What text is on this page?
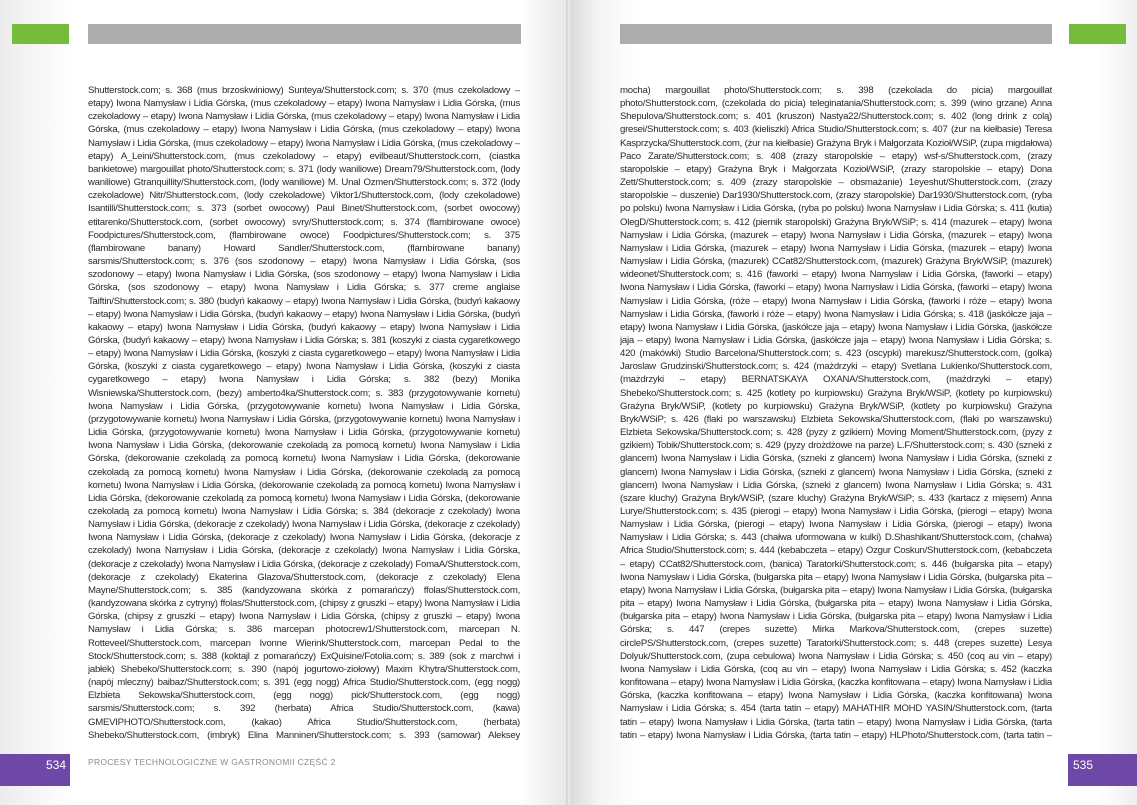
Shutterstock.com; s. 368 (mus brzoskwiniowy) Sunteya/Shutterstock.com; s. 370 (mus czekoladowy – etapy) Iwona Namysław i Lidia Górska, (mus czekoladowy – etapy) Iwona Namysław i Lidia Górska, (mus czekoladowy – etapy) Iwona Namysław i Lidia Górska, (mus czekoladowy – etapy) Iwona Namysław i Lidia Górska, (mus czekoladowy – etapy) Iwona Namysław i Lidia Górska, (mus czekoladowy – etapy) Iwona Namysław i Lidia Górska, (mus czekoladowy – etapy) Iwona Namysław i Lidia Górska, (mus czekoladowy – etapy) A_Leini/Shutterstock.com, (mus czekoladowy – etapy) evilbeaut/Shutterstock.com, (ciastka bankietowe) margouillat photo/Shutterstock.com; s. 371 (lody waniliowe) Dream79/Shutterstock.com, (lody waniliowe) Gtranquillity/Shutterstock.com, (lody waniliowe) M. Unal Ozmen/Shutterstock.com; s. 372 (lody czekoladowe) Nitr/Shutterstock.com, (lody czekoladowe) Viktor1/Shutterstock.com, (lody czekoladowe) Isantilli/Shutterstock.com; s. 373 (sorbet owocowy) Paul Binet/Shutterstock.com, (sorbet owocowy) etitarenko/Shutterstock.com, (sorbet owocowy) svry/Shutterstock.com; s. 374 (flambirowane owoce) Foodpictures/Shutterstock.com, (flambirowane owoce) Foodpictures/Shutterstock.com; s. 375 (flambirowane banany) Howard Sandler/Shutterstock.com, (flambirowane banany) sarsmis/Shutterstock.com; s. 376 (sos szodonowy – etapy) Iwona Namysław i Lidia Górska, (sos szodonowy – etapy) Iwona Namysław i Lidia Górska, (sos szodonowy – etapy) Iwona Namysław i Lidia Górska, (sos szodonowy – etapy) Iwona Namysław i Lidia Górska; s. 377 creme anglaise Taiftin/Shutterstock.com; s. 380 (budyń kakaowy – etapy) Iwona Namysław i Lidia Górska, (budyń kakaowy – etapy) Iwona Namysław i Lidia Górska, (budyń kakaowy – etapy) Iwona Namysław i Lidia Górska, (budyń kakaowy – etapy) Iwona Namysław i Lidia Górska, (budyń kakaowy – etapy) Iwona Namysław i Lidia Górska, (budyń kakaowy – etapy) Iwona Namysław i Lidia Górska; s. 381 (koszyki z ciasta cygaretkowego – etapy) Iwona Namysław i Lidia Górska, (koszyki z ciasta cygaretkowego – etapy) Iwona Namysław i Lidia Górska, (koszyki z ciasta cygaretkowego – etapy) Iwona Namysław i Lidia Górska, (koszyki z ciasta cygaretkowego – etapy) Iwona Namysław i Lidia Górska; s. 382 (bezy) Monika Wisniewska/Shutterstock.com, (bezy) amberto4ka/Shutterstock.com; s. 383 (przygotowywanie kornetu) Iwona Namysław i Lidia Górska, (przygotowywanie kornetu) Iwona Namysław i Lidia Górska, (przygotowywanie kornetu) Iwona Namysław i Lidia Górska, (przygotowywanie kornetu) Iwona Namysław i Lidia Górska, (przygotowywanie kornetu) Iwona Namysław i Lidia Górska, (przygotowywanie kornetu) Iwona Namysław i Lidia Górska, (dekorowanie czekoladą za pomocą kornetu) Iwona Namysław i Lidia Górska, (dekorowanie czekoladą za pomocą kornetu) Iwona Namysław i Lidia Górska, (dekorowanie czekoladą za pomocą kornetu) Iwona Namysław i Lidia Górska, (dekorowanie czekoladą za pomocą kornetu) Iwona Namysław i Lidia Górska, (dekorowanie czekoladą za pomocą kornetu) Iwona Namysław i Lidia Górska, (dekorowanie czekoladą za pomocą kornetu) Iwona Namysław i Lidia Górska, (dekorowanie czekoladą za pomocą kornetu) Iwona Namysław i Lidia Górska; s. 384 (dekoracje z czekolady) Iwona Namysław i Lidia Górska, (dekoracje z czekolady) Iwona Namysław i Lidia Górska, (dekoracje z czekolady) Iwona Namysław i Lidia Górska, (dekoracje z czekolady) Iwona Namysław i Lidia Górska, (dekoracje z czekolady) Iwona Namysław i Lidia Górska, (dekoracje z czekolady) Iwona Namysław i Lidia Górska, (dekoracje z czekolady) Iwona Namysław i Lidia Górska, (dekoracje z czekolady) FomaA/Shutterstock.com, (dekoracje z czekolady) Ekaterina Glazova/Shutterstock.com, (dekoracje z czekolady) Elena Mayne/Shutterstock.com; s. 385 (kandyzowana skórka z pomarańczy) ffolas/Shutterstock.com, (kandyzowana skórka z cytryny) ffolas/Shutterstock.com, (chipsy z gruszki – etapy) Iwona Namysław i Lidia Górska, (chipsy z gruszki – etapy) Iwona Namysław i Lidia Górska, (chipsy z gruszki – etapy) Iwona Namysław i Lidia Górska; s. 386 marcepan photocrew1/Shutterstock.com, marcepan N. Rotteveel/Shutterstock.com, marcepan Ivonne Wierink/Shutterstock.com, marcepan Pedal to the Stock/Shutterstock.com; s. 388 (koktajl z pomarańczy) ExQuisine/Fotolia.com; s. 389 (sok z marchwi i jabłek) Shebeko/Shutterstock.com; s. 390 (napój jogurtowo-ziołowy) Maxim Khytra/Shutterstock.com, (napój mleczny) baibaz/Shutterstock.com; s. 391 (egg nogg) Africa Studio/Shutterstock.com, (egg nogg) Elzbieta Sekowska/Shutterstock.com, (egg nogg) pick/Shutterstock.com, (egg nogg) sarsmis/Shutterstock.com; s. 392 (herbata) Africa Studio/Shutterstock.com, (kawa) GMEVIPHOTO/Shutterstock.com, (kakao) Africa Studio/Shutterstock.com, (herbata) Shebeko/Shutterstock.com, (imbryk) Elina Manninen/Shutterstock.com; s. 393 (samowar) Aleksey

mocha) margouillat photo/Shutterstock.com; s. 398 (czekolada do picia) margouillat photo/Shutterstock.com, (czekolada do picia) teleginatania/Shutterstock.com; s. 399 (wino grzane) Anna Shepulova/Shutterstock.com; s. 401 (kruszon) Nastya22/Shutterstock.com; s. 402 (long drink z colą) gresei/Shutterstock.com; s. 403 (kieliszki) Africa Studio/Shutterstock.com; s. 407 (żur na kiełbasie) Teresa Kasprzycka/Shutterstock.com, (żur na kiełbasie) Grażyna Bryk i Małgorzata Kozioł/WSiP, (zupa migdałowa) Paco Zarate/Shutterstock.com; s. 408 (zrazy staropolskie – etapy) wsf-s/Shutterstock.com, (zrazy staropolskie – etapy) Grażyna Bryk i Małgorzata Kozioł/WSiP, (zrazy staropolskie – etapy) Dona Zett/Shutterstock.com; s. 409 (zrazy staropolskie – obsmażanie) 1eyeshut/Shutterstock.com, (zrazy staropolskie – duszenie) Dar1930/Shutterstock.com, (zrazy staropolskie) Dar1930/Shutterstock.com, (ryba po polsku) Iwona Namysław i Lidia Górska, (ryba po polsku) Iwona Namysław i Lidia Górska; s. 411 (kutia) OlegD/Shutterstock.com; s. 412 (piernik staropolski) Grażyna Bryk/WSiP; s. 414 (mazurek – etapy) Iwona Namysław i Lidia Górska, (mazurek – etapy) Iwona Namysław i Lidia Górska, (mazurek – etapy) Iwona Namysław i Lidia Górska, (mazurek – etapy) Iwona Namysław i Lidia Górska, (mazurek – etapy) Iwona Namysław i Lidia Górska, (mazurek) CCat82/Shutterstock.com, (mazurek) Grażyna Bryk/WSiP, (mazurek) wideonet/Shutterstock.com; s. 416 (faworki – etapy) Iwona Namysław i Lidia Górska, (faworki – etapy) Iwona Namysław i Lidia Górska, (faworki – etapy) Iwona Namysław i Lidia Górska, (faworki – etapy) Iwona Namysław i Lidia Górska, (róże – etapy) Iwona Namysław i Lidia Górska, (faworki i róże – etapy) Iwona Namysław i Lidia Górska, (faworki i róże – etapy) Iwona Namysław i Lidia Górska; s. 418 (jaskółcze jaja – etapy) Iwona Namysław i Lidia Górska, (jaskółcze jaja – etapy) Iwona Namysław i Lidia Górska, (jaskółcze jaja – etapy) Iwona Namysław i Lidia Górska, (jaskółcze jaja – etapy) Iwona Namysław i Lidia Górska; s. 420 (makówki) Studio Barcelona/Shutterstock.com; s. 423 (oscypki) marekusz/Shutterstock.com, (golka) Jaroslaw Grudzinski/Shutterstock.com; s. 424 (mażdrzyki – etapy) Svetlana Lukienko/Shutterstock.com, (mażdrzyki – etapy) BERNATSKAYA OXANA/Shutterstock.com, (mażdrzyki – etapy) Shebeko/Shutterstock.com; s. 425 (kotlety po kurpiowsku) Grażyna Bryk/WSiP, (kotlety po kurpiowsku) Grażyna Bryk/WSiP, (kotlety po kurpiowsku) Grażyna Bryk/WSiP, (kotlety po kurpiowsku) Grażyna Bryk/WSiP; s. 426 (flaki po warszawsku) Elzbieta Sekowska/Shutterstock.com, (flaki po warszawsku) Elzbieta Sekowska/Shutterstock.com; s. 428 (pyzy z gzikiem) Moving Moment/Shutterstock.com, (pyzy z gzikiem) Tobik/Shutterstock.com; s. 429 (pyzy drożdżowe na parze) L.F/Shutterstock.com; s. 430 (szneki z glancem) Iwona Namysław i Lidia Górska, (szneki z glancem) Iwona Namysław i Lidia Górska, (szneki z glancem) Iwona Namysław i Lidia Górska, (szneki z glancem) Iwona Namysław i Lidia Górska, (szneki z glancem) Iwona Namysław i Lidia Górska, (szneki z glancem) Iwona Namysław i Lidia Górska; s. 431 (szare kluchy) Grażyna Bryk/WSiP, (szare kluchy) Grażyna Bryk/WSiP; s. 433 (kartacz z mięsem) Anna Lurye/Shutterstock.com; s. 435 (pierogi – etapy) Iwona Namysław i Lidia Górska, (pierogi – etapy) Iwona Namysław i Lidia Górska, (pierogi – etapy) Iwona Namysław i Lidia Górska, (pierogi – etapy) Iwona Namysław i Lidia Górska; s. 443 (chałwa uformowana w kulki) D.Shashikant/Shutterstock.com, (chałwa) Africa Studio/Shutterstock.com; s. 444 (kebabczeta – etapy) Ozgur Coskun/Shutterstock.com, (kebabczeta – etapy) CCat82/Shutterstock.com, (banica) Taratorki/Shutterstock.com; s. 446 (bułgarska pita – etapy) Iwona Namysław i Lidia Górska, (bułgarska pita – etapy) Iwona Namysław i Lidia Górska, (bułgarska pita – etapy) Iwona Namysław i Lidia Górska, (bułgarska pita – etapy) Iwona Namysław i Lidia Górska, (bułgarska pita – etapy) Iwona Namysław i Lidia Górska, (bułgarska pita – etapy) Iwona Namysław i Lidia Górska, (bułgarska pita – etapy) Iwona Namysław i Lidia Górska, (bułgarska pita – etapy) Iwona Namysław i Lidia Górska; s. 447 (crepes suzette) Mirka Markova/Shutterstock.com, (crepes suzette) circlePS/Shutterstock.com, (crepes suzette) Taratorki/Shutterstock.com; s. 448 (crepes suzette) Lesya Dolyuk/Shutterstock.com, (zupa cebulowa) Iwona Namysław i Lidia Górska; s. 450 (coq au vin – etapy) Iwona Namysław i Lidia Górska, (coq au vin – etapy) Iwona Namysław i Lidia Górska; s. 452 (kaczka konfitowana – etapy) Iwona Namysław i Lidia Górska, (kaczka konfitowana – etapy) Iwona Namysław i Lidia Górska, (kaczka konfitowana – etapy) Iwona Namysław i Lidia Górska, (kaczka konfitowana) Iwona Namysław i Lidia Górska; s. 454 (tarta tatin – etapy) MAHATHIR MOHD YASIN/Shutterstock.com, (tarta tatin – etapy) Iwona Namysław i Lidia Górska, (tarta tatin – etapy) Iwona Namysław i Lidia Górska, (tarta tatin – etapy) Iwona Namysław i Lidia Górska, (tarta tatin – etapy) HLPhoto/Shutterstock.com, (tarta tatin –

534	PROCESY TECHNOLOGICZNE W GASTRONOMII CZĘŚĆ 2	535
